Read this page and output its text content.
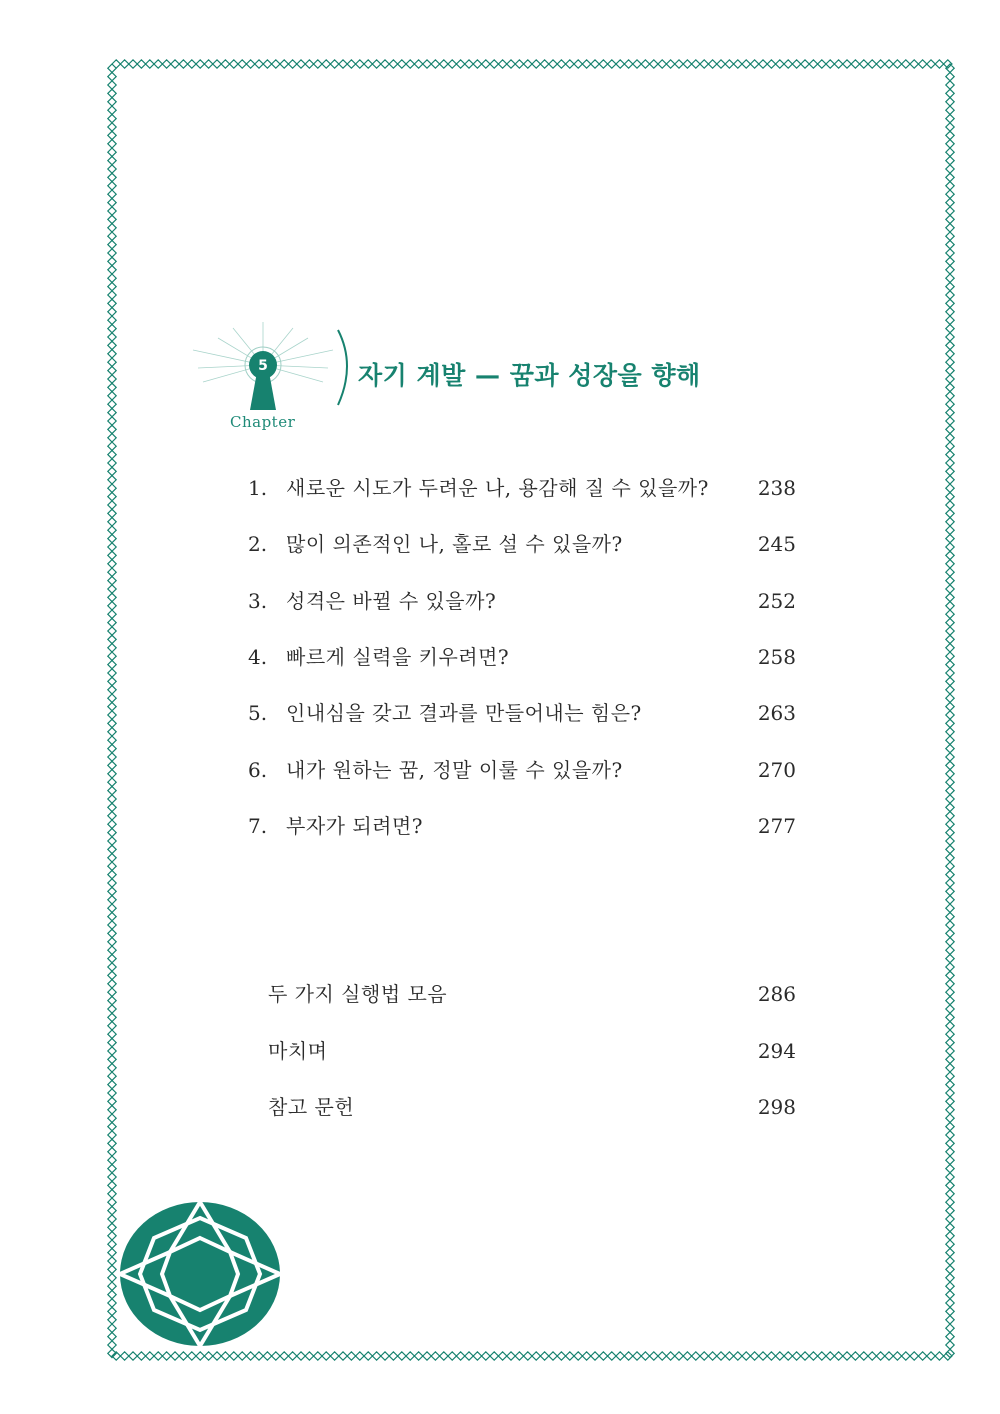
5
Chapter
자기 계발 — 꿈과 성장을 향해
1. 새로운 시도가 두려운 나, 용감해 질 수 있을까? 238
2. 많이 의존적인 나, 홀로 설 수 있을까?	245
3. 성격은 바뀔 수 있을까?	252
4. 빠르게 실력을 키우려면?	258
5. 인내심을 갖고 결과를 만들어내는 힘은?	263
6. 내가 원하는 꿈, 정말 이룰 수 있을까?	270
7. 부자가 되려면?	277
두 가지 실행법 모음	286
마치며	294
참고 문헌	298
